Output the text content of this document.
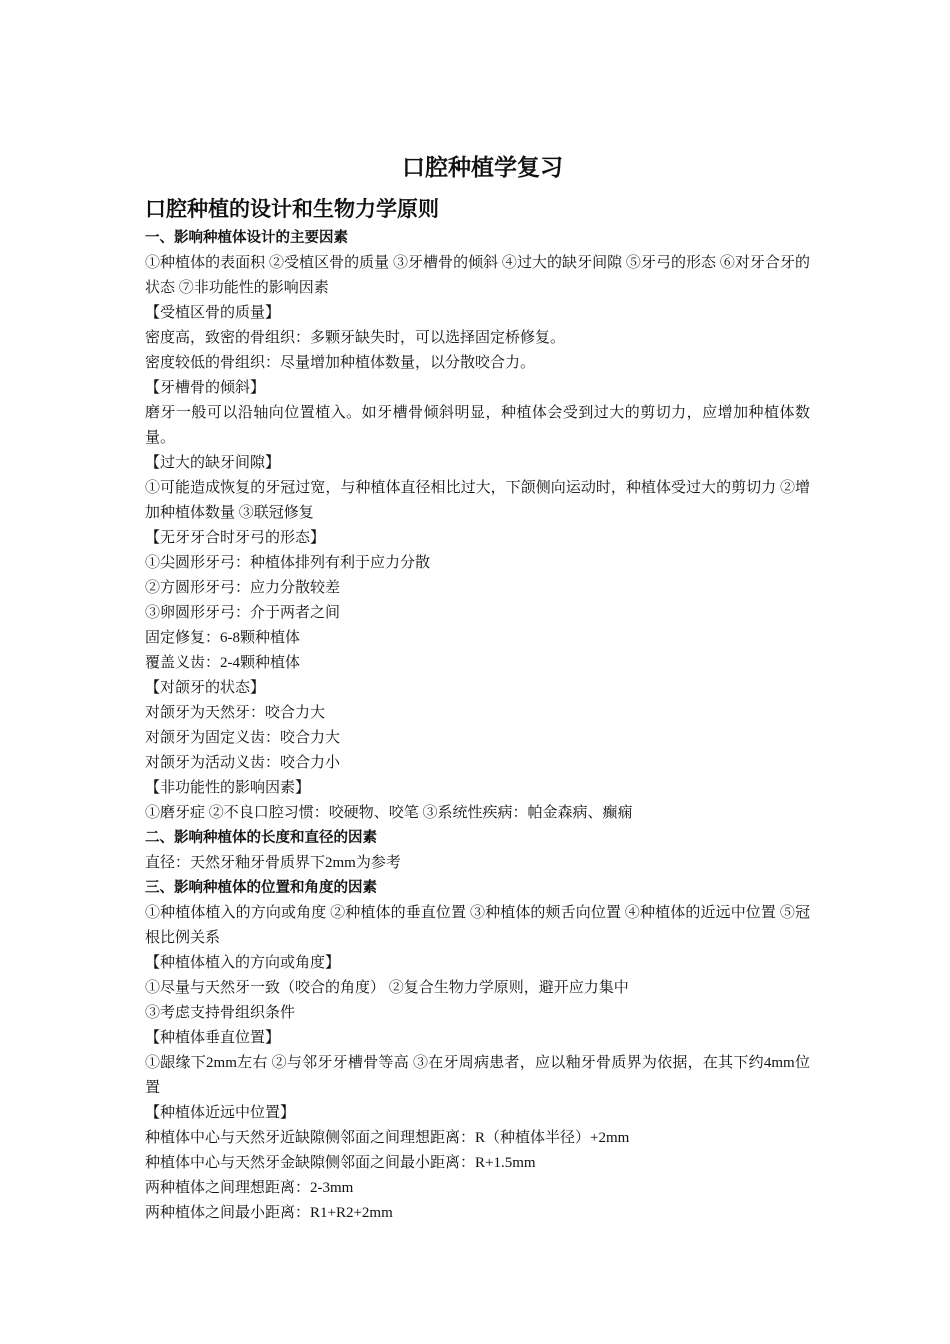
口腔种植学复习
口腔种植的设计和生物力学原则

一、影响种植体设计的主要因素

①种植体的表面积 ②受植区骨的质量 ③牙槽骨的倾斜 ④过大的缺牙间隙 ⑤牙弓的形态 ⑥对牙合牙的状态 ⑦非功能性的影响因素

【受植区骨的质量】

密度高，致密的骨组织：多颗牙缺失时，可以选择固定桥修复。

密度较低的骨组织：尽量增加种植体数量，以分散咬合力。

【牙槽骨的倾斜】

磨牙一般可以沿轴向位置植入。如牙槽骨倾斜明显，种植体会受到过大的剪切力，应增加种植体数量。

【过大的缺牙间隙】

①可能造成恢复的牙冠过宽，与种植体直径相比过大，下颌侧向运动时，种植体受过大的剪切力 ②增加种植体数量 ③联冠修复

【无牙牙合时牙弓的形态】

①尖圆形牙弓：种植体排列有利于应力分散

②方圆形牙弓：应力分散较差

③卵圆形牙弓：介于两者之间

固定修复：6-8颗种植体

覆盖义齿：2-4颗种植体

【对颌牙的状态】

对颌牙为天然牙：咬合力大

对颌牙为固定义齿：咬合力大

对颌牙为活动义齿：咬合力小

【非功能性的影响因素】

①磨牙症 ②不良口腔习惯：咬硬物、咬笔 ③系统性疾病：帕金森病、癫痫

二、影响种植体的长度和直径的因素

直径：天然牙釉牙骨质界下2mm为参考

三、影响种植体的位置和角度的因素

①种植体植入的方向或角度 ②种植体的垂直位置 ③种植体的颊舌向位置 ④种植体的近远中位置 ⑤冠根比例关系

【种植体植入的方向或角度】

①尽量与天然牙一致（咬合的角度） ②复合生物力学原则，避开应力集中

③考虑支持骨组织条件

【种植体垂直位置】

①龈缘下2mm左右 ②与邻牙牙槽骨等高 ③在牙周病患者，应以釉牙骨质界为依据，在其下约4mm位置

【种植体近远中位置】

种植体中心与天然牙近缺隙侧邻面之间理想距离：R（种植体半径）+2mm

种植体中心与天然牙金缺隙侧邻面之间最小距离：R+1.5mm

两种植体之间理想距离：2-3mm

两种植体之间最小距离：R1+R2+2mm
